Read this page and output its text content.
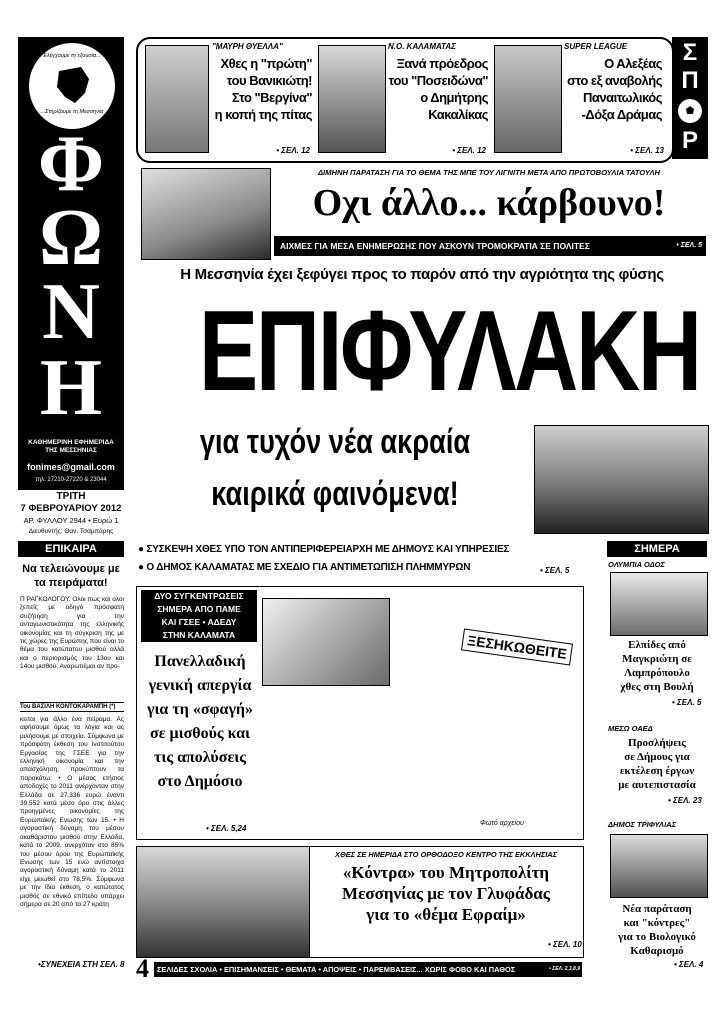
Ελέγχουμε τη εξουσία...
...Στηρίζουμε τη Μεσσηνία
Φ
Ω
Ν
Η
ΚΑΘΗΜΕΡΙΝΗ ΕΦΗΜΕΡΙΔΑ ΤΗΣ ΜΕΣΣΗΝΙΑΣ
fonimes@gmail.com
τηλ. 27210-27220 & 23044
ΤΡΙΤΗ
7 ΦΕΒΡΟΥΑΡΙΟΥ 2012
ΑΡ. ΦΥΛΛΟΥ 2944 • Ευρώ 1
Διευθυντής: Θαν. Τσαμπάρης
"ΜΑΥΡΗ ΘΥΕΛΛΑ"
Χθες η "πρώτη"
του Βανικιώτη!
Στο "Βεργίνα"
η κοπή της πίτας
• ΣΕΛ. 12
Ν.Ο. ΚΑΛΑΜΑΤΑΣ
Ξανά πρόεδρος
του "Ποσειδώνα"
ο Δημήτρης
Κακαλίκας
• ΣΕΛ. 12
SUPER LEAGUE
Ο Αλεξέας
στο εξ αναβολής
Παναιτωλικός
-Δόξα Δράμας
• ΣΕΛ. 13
Σ
Π
Ρ
ΔΙΜΗΝΗ ΠΑΡΑΤΑΣΗ ΓΙΑ ΤΟ ΘΕΜΑ ΤΗΣ ΜΠΕ ΤΟΥ ΛΙΓΝΙΤΗ ΜΕΤΑ ΑΠΟ ΠΡΩΤΟΒΟΥΛΙΑ ΤΑΤΟΥΛΗ
Οχι άλλο... κάρβουνο!
ΑΙΧΜΕΣ ΓΙΑ ΜΕΣΑ ΕΝΗΜΕΡΩΣΗΣ ΠΟΥ ΑΣΚΟΥΝ ΤΡΟΜΟΚΡΑΤΙΑ ΣΕ ΠΟΛΙΤΕΣ	• ΣΕΛ. 5
Η Μεσσηνία έχει ξεφύγει προς το παρόν από την αγριότητα της φύσης
ΕΠΙΦΥΛΑΚΗ
για τυχόν νέα ακραία
καιρικά φαινόμενα!
● ΣΥΣΚΕΨΗ ΧΘΕΣ ΥΠΟ ΤΟΝ ΑΝΤΙΠΕΡΙΦΕΡΕΙΑΡΧΗ ΜΕ ΔΗΜΟΥΣ ΚΑΙ ΥΠΗΡΕΣΙΕΣ
● Ο ΔΗΜΟΣ ΚΑΛΑΜΑΤΑΣ ΜΕ ΣΧΕΔΙΟ ΓΙΑ ΑΝΤΙΜΕΤΩΠΙΣΗ ΠΛΗΜΜΥΡΩΝ	• ΣΕΛ. 5
ΕΠΙΚΑΙΡΑ
Να τελειώνουμε με τα πειράματα!
Π ΡΑΓΚΟΛΟΓΟΥ. Ολοι πως και ολοι ξεπείς με οδηγό πρόσφατη συζήτηση για την ανταγωνιστικότητα της ελληνικής οικονομίας και τη σύγκριση της με τις χώρες της Ευρώπης που είναι το θέμα του κατώτατου μισθού αλλά και ο περιορισμός του 13ου και 14ου μισθού. Αναρωτιέμαι αν προ-
Του ΒΑΣΙΛΗ ΚΟΝΤΟΚΑΡΑΜΠΗ (*)
κειται για άλλο ένα πείραμα. Ας αφήσουμε όμως τα λόγια και ας μιλήσουμε με στοιχεία. Σύμφωνα με πρόσφατη έκθεση του Ινστιτούτου Εργασίας της ΓΣΕΕ για την ελληνική οικονομία και την απασχόληση, προκύπτουν τα παρακάτω: • Ο μέσος ετήσιος αποδοχές το 2011 ανέρχονταν στην Ελλάδα σε 27.336 ευρώ έναντι 39.552 κατά μέσο όρο στις άλλες προηγμένες οικονομίες της Ευρωπαϊκής Ενωσης των 15. • Η αγοραστική δύναμη του μέσου ακαθάριστου μισθού στην Ελλάδα, κατά το 2009, ανερχόταν στο 85% του μέσου όρου της Ευρωπαϊκής Ενωσης των 15 ενώ αντίστοιχα αγοραστική δύναμη κατά το 2011 είχε μειωθεί στο 78,5%. Σύμφωνα με την ίδια έκθεση, ο κατώτατος μισθός σε εθνικό επίπεδο υπάρχει σήμερα σε 20 από τα 27 κράτη
•ΣΥΝΕΧΕΙΑ ΣΤΗ ΣΕΛ. 8
ΔΥΟ ΣΥΓΚΕΝΤΡΩΣΕΙΣ
ΣΗΜΕΡΑ ΑΠΟ ΠΑΜΕ
ΚΑΙ ΓΣΕΕ • ΑΔΕΔΥ
ΣΤΗΝ ΚΑΛΑΜΑΤΑ
Πανελλαδική
γενική απεργία
για τη «σφαγή»
σε μισθούς και
τις απολύσεις
στο Δημόσιο
• ΣΕΛ. 5,24
ΞΕΣΗΚΩΘΕΙΤΕ
Φωτό αρχείου
ΧΘΕΣ ΣΕ ΗΜΕΡΙΔΑ ΣΤΟ ΟΡΘΟΔΟΞΟ ΚΕΝΤΡΟ ΤΗΣ ΕΚΚΛΗΣΙΑΣ
«Κόντρα» του Μητροπολίτη
Μεσσηνίας με τον Γλυφάδας
για το «θέμα Εφραίμ»
• ΣΕΛ. 10
ΣΗΜΕΡΑ
ΟΛΥΜΠΙΑ ΟΔΟΣ
Ελπίδες από
Μαγκριώτη σε
Λαμπρόπουλο
χθες στη Βουλή
• ΣΕΛ. 5
ΜΕΣΩ ΟΑΕΔ
Προσλήψεις
σε Δήμους για
εκτέλεση έργων
με αυτεπιστασία
• ΣΕΛ. 23
ΔΗΜΟΣ ΤΡΙΦΥΛΙΑΣ
Νέα παράταση
και "κόντρες"
για το Βιολογικό
Καθαρισμό
• ΣΕΛ. 4
4 ΣΕΛΙΔΕΣ ΣΧΟΛΙΑ • ΕΠΙΣΗΜΑΝΣΕΙΣ • ΘΕΜΑΤΑ • ΑΠΟΨΕΙΣ • ΠΑΡΕΜΒΑΣΕΙΣ... ΧΩΡΙΣ ΦΟΒΟ ΚΑΙ ΠΑΘΟΣ	• ΣΕΛ. 2,3,8,9
